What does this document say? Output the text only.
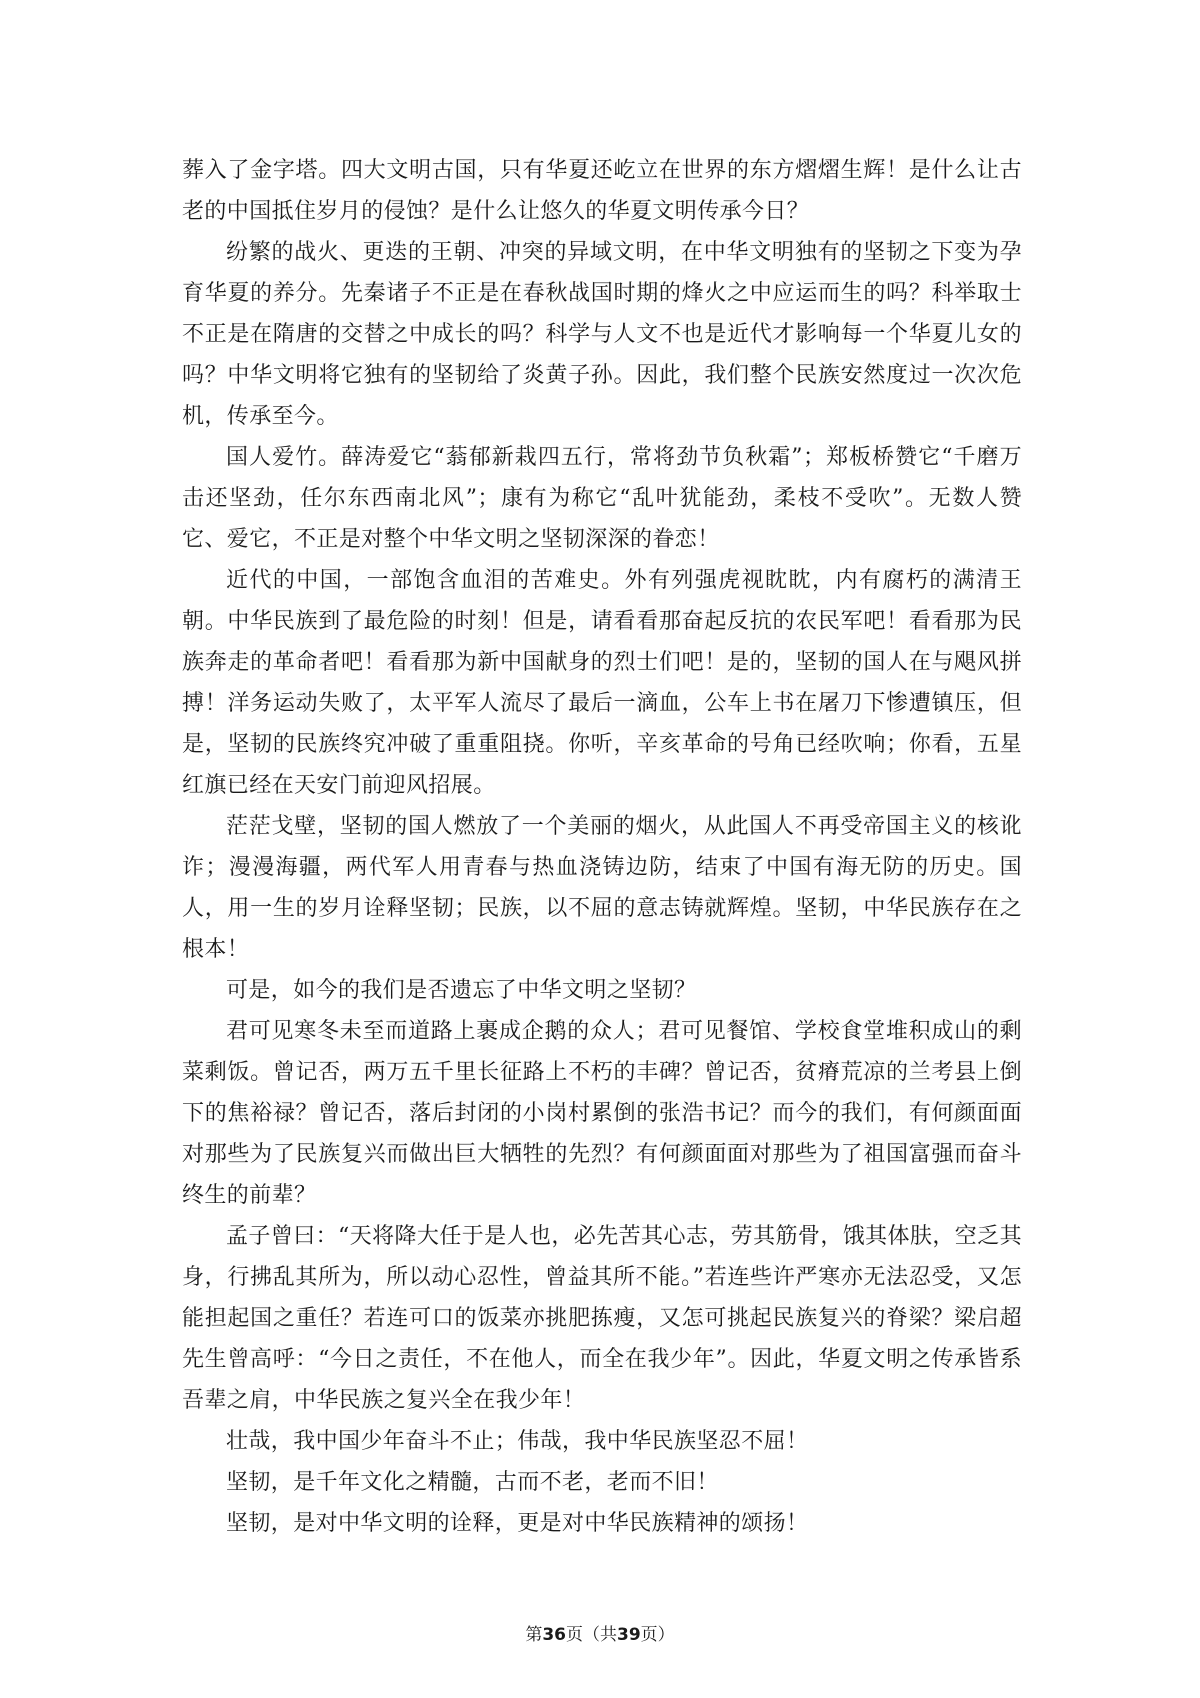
葬入了金字塔。四大文明古国，只有华夏还屹立在世界的东方熠熠生辉！是什么让古老的中国抵住岁月的侵蚀？是什么让悠久的华夏文明传承今日？

纷繁的战火、更迭的王朝、冲突的异域文明，在中华文明独有的坚韧之下变为孕育华夏的养分。先秦诸子不正是在春秋战国时期的烽火之中应运而生的吗？科举取士不正是在隋唐的交替之中成长的吗？科学与人文不也是近代才影响每一个华夏儿女的吗？中华文明将它独有的坚韧给了炎黄子孙。因此，我们整个民族安然度过一次次危机，传承至今。

国人爱竹。薛涛爱它“蓊郁新栽四五行，常将劲节负秋霜”；郑板桥赞它“千磨万击还坚劲，任尔东西南北风”；康有为称它“乱叶犹能劲，柔枝不受吹”。无数人赞它、爱它，不正是对整个中华文明之坚韧深深的眷恋！

近代的中国，一部饱含血泪的苦难史。外有列强虎视眈眈，内有腐朽的满清王朝。中华民族到了最危险的时刻！但是，请看看那奋起反抗的农民军吧！看看那为民族奔走的革命者吧！看看那为新中国献身的烈士们吧！是的，坚韧的国人在与飓风拼搏！洋务运动失败了，太平军人流尽了最后一滴血，公车上书在屠刀下惨遭镇压，但是，坚韧的民族终究冲破了重重阻挠。你听，辛亥革命的号角已经吹响；你看，五星红旗已经在天安门前迎风招展。

茫茫戈壁，坚韧的国人燃放了一个美丽的烟火，从此国人不再受帝国主义的核讹诈；漫漫海疆，两代军人用青春与热血浇铸边防，结束了中国有海无防的历史。国人，用一生的岁月诠释坚韧；民族，以不屈的意志铸就辉煌。坚韧，中华民族存在之根本！

可是，如今的我们是否遗忘了中华文明之坚韧？

君可见寒冬未至而道路上裹成企鹅的众人；君可见餐馆、学校食堂堆积成山的剩菜剩饭。曾记否，两万五千里长征路上不朽的丰碑？曾记否，贫瘠荒凉的兰考县上倒下的焦裕禄？曾记否，落后封闭的小岗村累倒的张浩书记？而今的我们，有何颜面面对那些为了民族复兴而做出巨大牺牲的先烈？有何颜面面对那些为了祖国富强而奋斗终生的前辈？

孟子曾曰：“天将降大任于是人也，必先苦其心志，劳其筋骨，饿其体肤，空乏其身，行拂乱其所为，所以动心忍性，曾益其所不能。”若连些许严寒亦无法忍受，又怎能担起国之重任？若连可口的饭菜亦挑肥拣瘦，又怎可挑起民族复兴的脊梁？梁启超先生曾高呼：“今日之责任，不在他人，而全在我少年”。因此，华夏文明之传承皆系吾辈之肩，中华民族之复兴全在我少年！

壮哉，我中国少年奋斗不止；伟哉，我中华民族坚忍不屈！

坚韧，是千年文化之精髓，古而不老，老而不旧！

坚韧，是对中华文明的诠释，更是对中华民族精神的颂扬！

第36页（共39页）
